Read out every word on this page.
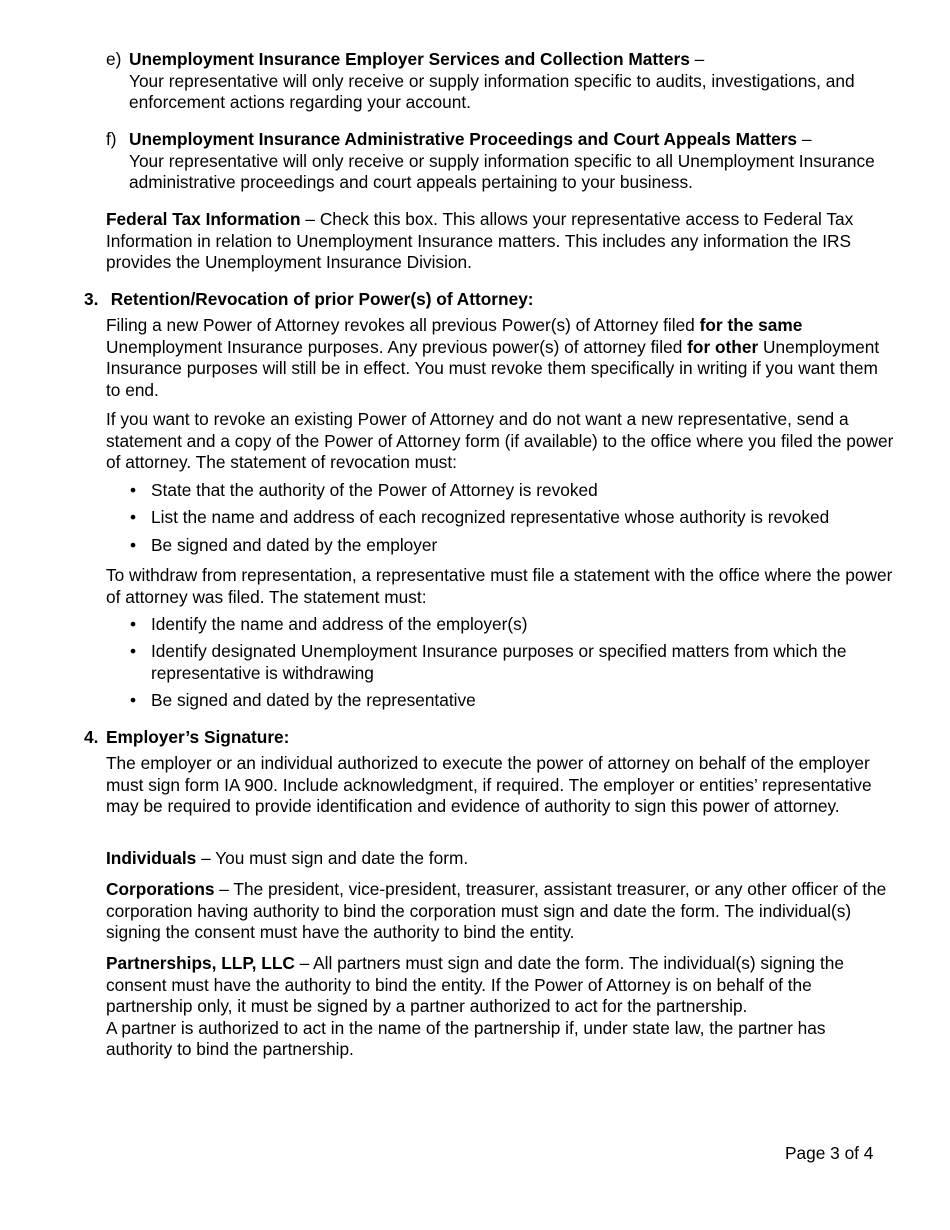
e) Unemployment Insurance Employer Services and Collection Matters –
Your representative will only receive or supply information specific to audits, investigations, and enforcement actions regarding your account.
f) Unemployment Insurance Administrative Proceedings and Court Appeals Matters –
Your representative will only receive or supply information specific to all Unemployment Insurance administrative proceedings and court appeals pertaining to your business.
Federal Tax Information – Check this box. This allows your representative access to Federal Tax Information in relation to Unemployment Insurance matters. This includes any information the IRS provides the Unemployment Insurance Division.
3. Retention/Revocation of prior Power(s) of Attorney:
Filing a new Power of Attorney revokes all previous Power(s) of Attorney filed for the same Unemployment Insurance purposes. Any previous power(s) of attorney filed for other Unemployment Insurance purposes will still be in effect. You must revoke them specifically in writing if you want them to end.
If you want to revoke an existing Power of Attorney and do not want a new representative, send a statement and a copy of the Power of Attorney form (if available) to the office where you filed the power of attorney. The statement of revocation must:
• State that the authority of the Power of Attorney is revoked
• List the name and address of each recognized representative whose authority is revoked
• Be signed and dated by the employer
To withdraw from representation, a representative must file a statement with the office where the power of attorney was filed. The statement must:
• Identify the name and address of the employer(s)
• Identify designated Unemployment Insurance purposes or specified matters from which the representative is withdrawing
• Be signed and dated by the representative
4. Employer’s Signature:
The employer or an individual authorized to execute the power of attorney on behalf of the employer must sign form IA 900. Include acknowledgment, if required. The employer or entities’ representative may be required to provide identification and evidence of authority to sign this power of attorney.
Individuals – You must sign and date the form.
Corporations – The president, vice-president, treasurer, assistant treasurer, or any other officer of the corporation having authority to bind the corporation must sign and date the form. The individual(s) signing the consent must have the authority to bind the entity.
Partnerships, LLP, LLC – All partners must sign and date the form. The individual(s) signing the consent must have the authority to bind the entity. If the Power of Attorney is on behalf of the partnership only, it must be signed by a partner authorized to act for the partnership.
A partner is authorized to act in the name of the partnership if, under state law, the partner has authority to bind the partnership.
Page 3 of 4
